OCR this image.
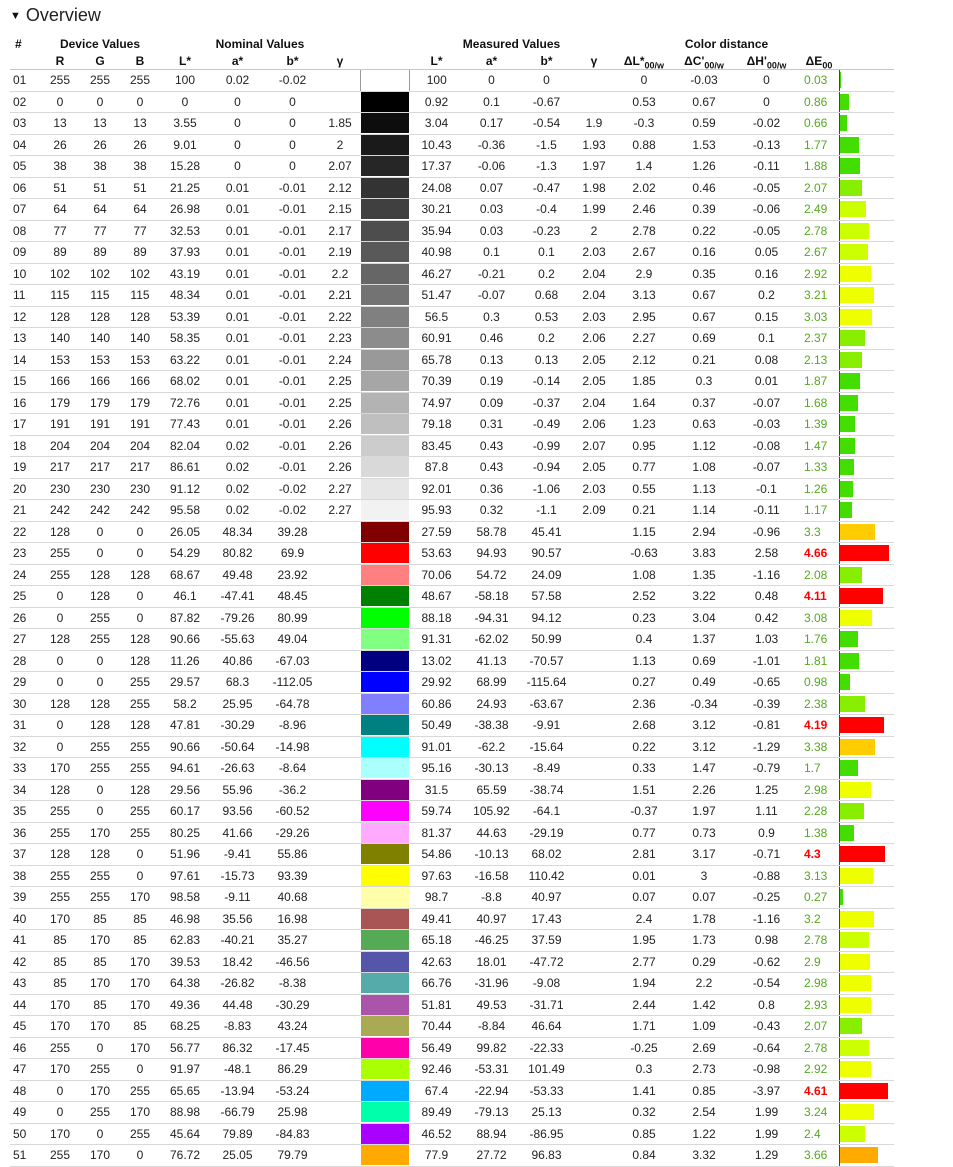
▼ Overview
#	Device Values			Nominal Values					Measured Values				Color distance				
	R	G	B	L*	a*	b*	γ		L*	a*	b*	γ	$\Delta L*_{00/w}$	$\Delta C'_{00/w}$	$\Delta H'_{00/w}$	$\Delta E_{00}$	
01	255	255	255	100	0.02	-0.02			100	0	0		0	-0.03	0	0.03	

02	0	0	0	0	0	0			0.92	0.1	-0.67		0.53	0.67	0	0.86	

03	13	13	13	3.55	0	0	1.85		3.04	0.17	-0.54	1.9	-0.3	0.59	-0.02	0.66	

04	26	26	26	9.01	0	0	2		10.43	-0.36	-1.5	1.93	0.88	1.53	-0.13	1.77	

05	38	38	38	15.28	0	0	2.07		17.37	-0.06	-1.3	1.97	1.4	1.26	-0.11	1.88	

06	51	51	51	21.25	0.01	-0.01	2.12		24.08	0.07	-0.47	1.98	2.02	0.46	-0.05	2.07	

07	64	64	64	26.98	0.01	-0.01	2.15		30.21	0.03	-0.4	1.99	2.46	0.39	-0.06	2.49	

08	77	77	77	32.53	0.01	-0.01	2.17		35.94	0.03	-0.23	2	2.78	0.22	-0.05	2.78	

09	89	89	89	37.93	0.01	-0.01	2.19		40.98	0.1	0.1	2.03	2.67	0.16	0.05	2.67	

10	102	102	102	43.19	0.01	-0.01	2.2		46.27	-0.21	0.2	2.04	2.9	0.35	0.16	2.92	

11	115	115	115	48.34	0.01	-0.01	2.21		51.47	-0.07	0.68	2.04	3.13	0.67	0.2	3.21	

12	128	128	128	53.39	0.01	-0.01	2.22		56.5	0.3	0.53	2.03	2.95	0.67	0.15	3.03	

13	140	140	140	58.35	0.01	-0.01	2.23		60.91	0.46	0.2	2.06	2.27	0.69	0.1	2.37	

14	153	153	153	63.22	0.01	-0.01	2.24		65.78	0.13	0.13	2.05	2.12	0.21	0.08	2.13	

15	166	166	166	68.02	0.01	-0.01	2.25		70.39	0.19	-0.14	2.05	1.85	0.3	0.01	1.87	

16	179	179	179	72.76	0.01	-0.01	2.25		74.97	0.09	-0.37	2.04	1.64	0.37	-0.07	1.68	

17	191	191	191	77.43	0.01	-0.01	2.26		79.18	0.31	-0.49	2.06	1.23	0.63	-0.03	1.39	

18	204	204	204	82.04	0.02	-0.01	2.26		83.45	0.43	-0.99	2.07	0.95	1.12	-0.08	1.47	

19	217	217	217	86.61	0.02	-0.01	2.26		87.8	0.43	-0.94	2.05	0.77	1.08	-0.07	1.33	

20	230	230	230	91.12	0.02	-0.02	2.27		92.01	0.36	-1.06	2.03	0.55	1.13	-0.1	1.26	

21	242	242	242	95.58	0.02	-0.02	2.27		95.93	0.32	-1.1	2.09	0.21	1.14	-0.11	1.17	

22	128	0	0	26.05	48.34	39.28			27.59	58.78	45.41		1.15	2.94	-0.96	3.3	

23	255	0	0	54.29	80.82	69.9			53.63	94.93	90.57		-0.63	3.83	2.58	4.66	

24	255	128	128	68.67	49.48	23.92			70.06	54.72	24.09		1.08	1.35	-1.16	2.08	

25	0	128	0	46.1	-47.41	48.45			48.67	-58.18	57.58		2.52	3.22	0.48	4.11	

26	0	255	0	87.82	-79.26	80.99			88.18	-94.31	94.12		0.23	3.04	0.42	3.08	

27	128	255	128	90.66	-55.63	49.04			91.31	-62.02	50.99		0.4	1.37	1.03	1.76	

28	0	0	128	11.26	40.86	-67.03			13.02	41.13	-70.57		1.13	0.69	-1.01	1.81	

29	0	0	255	29.57	68.3	-112.05			29.92	68.99	-115.64		0.27	0.49	-0.65	0.98	

30	128	128	255	58.2	25.95	-64.78			60.86	24.93	-63.67		2.36	-0.34	-0.39	2.38	

31	0	128	128	47.81	-30.29	-8.96			50.49	-38.38	-9.91		2.68	3.12	-0.81	4.19	

32	0	255	255	90.66	-50.64	-14.98			91.01	-62.2	-15.64		0.22	3.12	-1.29	3.38	

33	170	255	255	94.61	-26.63	-8.64			95.16	-30.13	-8.49		0.33	1.47	-0.79	1.7	

34	128	0	128	29.56	55.96	-36.2			31.5	65.59	-38.74		1.51	2.26	1.25	2.98	

35	255	0	255	60.17	93.56	-60.52			59.74	105.92	-64.1		-0.37	1.97	1.11	2.28	

36	255	170	255	80.25	41.66	-29.26			81.37	44.63	-29.19		0.77	0.73	0.9	1.38	

37	128	128	0	51.96	-9.41	55.86			54.86	-10.13	68.02		2.81	3.17	-0.71	4.3	

38	255	255	0	97.61	-15.73	93.39			97.63	-16.58	110.42		0.01	3	-0.88	3.13	

39	255	255	170	98.58	-9.11	40.68			98.7	-8.8	40.97		0.07	0.07	-0.25	0.27	

40	170	85	85	46.98	35.56	16.98			49.41	40.97	17.43		2.4	1.78	-1.16	3.2	

41	85	170	85	62.83	-40.21	35.27			65.18	-46.25	37.59		1.95	1.73	0.98	2.78	

42	85	85	170	39.53	18.42	-46.56			42.63	18.01	-47.72		2.77	0.29	-0.62	2.9	

43	85	170	170	64.38	-26.82	-8.38			66.76	-31.96	-9.08		1.94	2.2	-0.54	2.98	

44	170	85	170	49.36	44.48	-30.29			51.81	49.53	-31.71		2.44	1.42	0.8	2.93	

45	170	170	85	68.25	-8.83	43.24			70.44	-8.84	46.64		1.71	1.09	-0.43	2.07	

46	255	0	170	56.77	86.32	-17.45			56.49	99.82	-22.33		-0.25	2.69	-0.64	2.78	

47	170	255	0	91.97	-48.1	86.29			92.46	-53.31	101.49		0.3	2.73	-0.98	2.92	

48	0	170	255	65.65	-13.94	-53.24			67.4	-22.94	-53.33		1.41	0.85	-3.97	4.61	

49	0	255	170	88.98	-66.79	25.98			89.49	-79.13	25.13		0.32	2.54	1.99	3.24	

50	170	0	255	45.64	79.89	-84.83			46.52	88.94	-86.95		0.85	1.22	1.99	2.4	

51	255	170	0	76.72	25.05	79.79			77.9	27.72	96.83		0.84	3.32	1.29	3.66	
